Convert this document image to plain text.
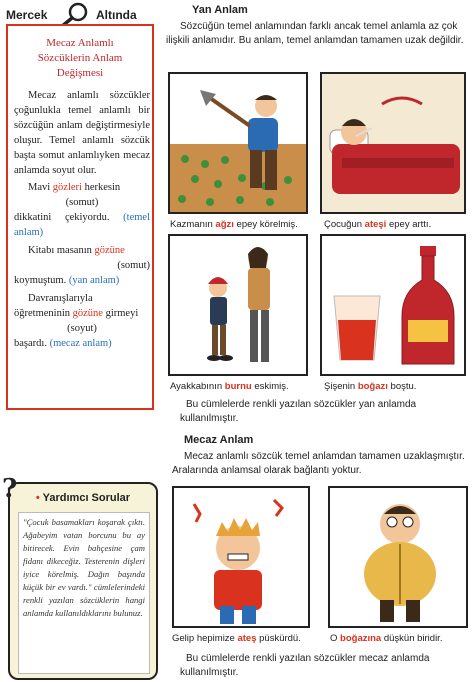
Mercek	Altında
Mecaz Anlamlı
Sözcüklerin Anlam
Değişmesi

Mecaz anlamlı sözcükler çoğunlukla temel anlamlı bir sözcüğün anlam değiştirmesiyle oluşur. Temel anlamlı sözcük başta somut anlamlıyken mecaz anlamda soyut olur.

Mavi gözleri herkesin

(somut)

dikkatini çekiyordu. (temel anlam)

Kitabı masanın gözüne

(somut)

koymuştum. (yan anlam)

Davranışlarıyla öğretmeninin gözüne girmeyi

(soyut)

başardı. (mecaz anlam)

• Yardımcı Sorular
"Çocuk basamakları koşarak çıktı. Ağabeyim vatan borcunu bu ay bitirecek. Evin bahçesine çam fidanı dikeceğiz. Testerenin dişleri iyice körelmiş. Dağın başında küçük bir ev vardı." cümlelerindeki renkli yazılan sözcüklerin hangi anlamda kullanıldıklarını bulunuz.
?
Yan Anlam
Sözcüğün temel anlamından farklı ancak temel anlamla az çok ilişkili anlamıdır. Bu anlam, temel anlamdan tamamen uzak değildir.
Kazmanın ağzı epey körelmiş.	Çocuğun ateşi epey arttı.
Ayakkabının burnu eskimiş.	Şişenin boğazı boştu.
Bu cümlelerde renkli yazılan sözcükler yan anlamda kullanılmıştır.
Mecaz Anlam
Mecaz anlamlı sözcük temel anlamdan tamamen uzaklaşmıştır. Aralarında anlamsal olarak bağlantı yoktur.
Gelip hepimize ateş püskürdü.	O boğazına düşkün biridir.
Bu cümlelerde renkli yazılan sözcükler mecaz anlamda kullanılmıştır.
